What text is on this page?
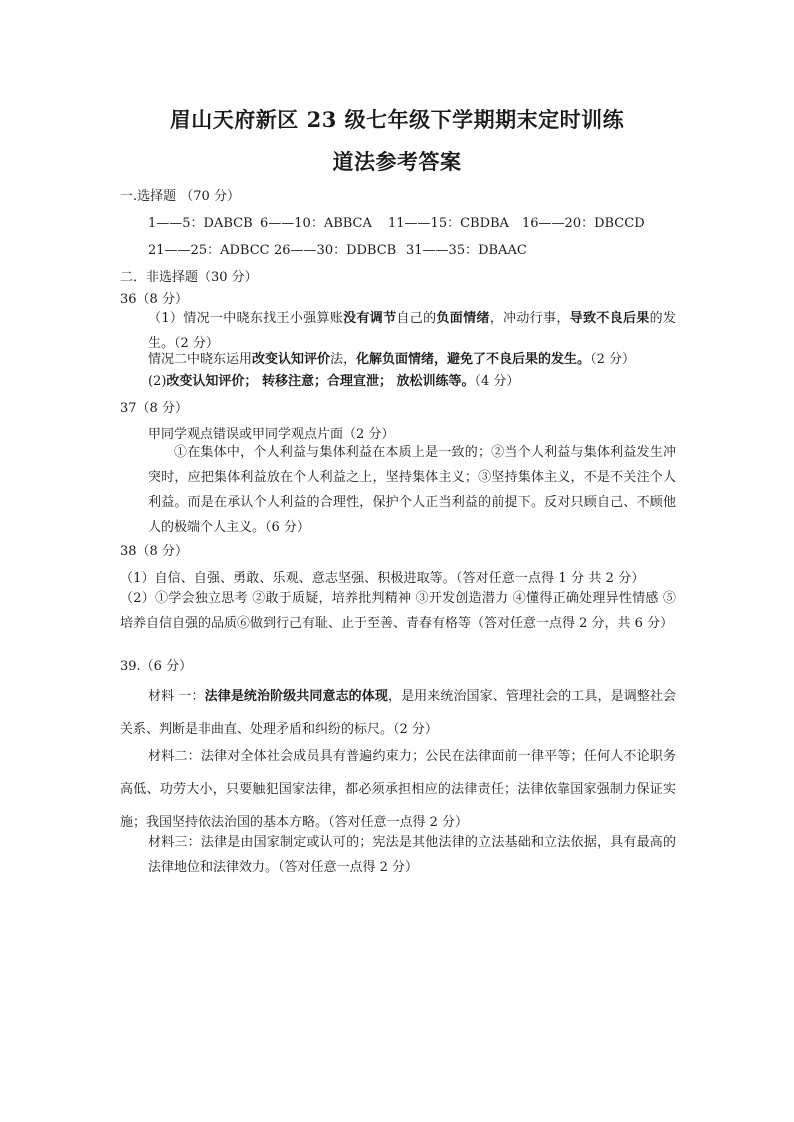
眉山天府新区 23 级七年级下学期期末定时训练
道法参考答案
一.选择题 （70 分）
1——5：DABCB 6——10：ABBCA 11——15：CBDBA 16——20：DBCCD
21——25：ADBCC 26——30：DDBCB 31——35：DBAAC
二．非选择题（30 分）
36（8 分）
（1）情况一中晓东找王小强算账没有调节自己的负面情绪，冲动行事，导致不良后果的发生。（2 分）
情况二中晓东运用改变认知评价法，化解负面情绪，避免了不良后果的发生。（2 分）
(2)改变认知评价； 转移注意；合理宣泄； 放松训练等。（4 分）
37（8 分）
甲同学观点错误或甲同学观点片面（2 分）
①在集体中，个人利益与集体利益在本质上是一致的；②当个人利益与集体利益发生冲突时，应把集体利益放在个人利益之上，坚持集体主义；③坚持集体主义，不是不关注个人利益。而是在承认个人利益的合理性，保护个人正当利益的前提下。反对只顾自己、不顾他人的极端个人主义。（6 分）
38（8 分）
（1）自信、自强、勇敢、乐观、意志坚强、积极进取等。（答对任意一点得 1 分 共 2 分）
（2）①学会独立思考 ②敢于质疑，培养批判精神 ③开发创造潜力 ④懂得正确处理异性情感 ⑤培养自信自强的品质⑥做到行己有耻、止于至善、青春有格等（答对任意一点得 2 分，共 6 分）
39.（6 分）
材料 一：法律是统治阶级共同意志的体现，是用来统治国家、管理社会的工具，是调整社会关系、判断是非曲直、处理矛盾和纠纷的标尺。（2 分）
材料二：法律对全体社会成员具有普遍约束力；公民在法律面前一律平等；任何人不论职务高低、功劳大小，只要触犯国家法律，都必须承担相应的法律责任；法律依靠国家强制力保证实施；我国坚持依法治国的基本方略。（答对任意一点得 2 分）
材料三：法律是由国家制定或认可的；宪法是其他法律的立法基础和立法依据，具有最高的法律地位和法律效力。（答对任意一点得 2 分）
